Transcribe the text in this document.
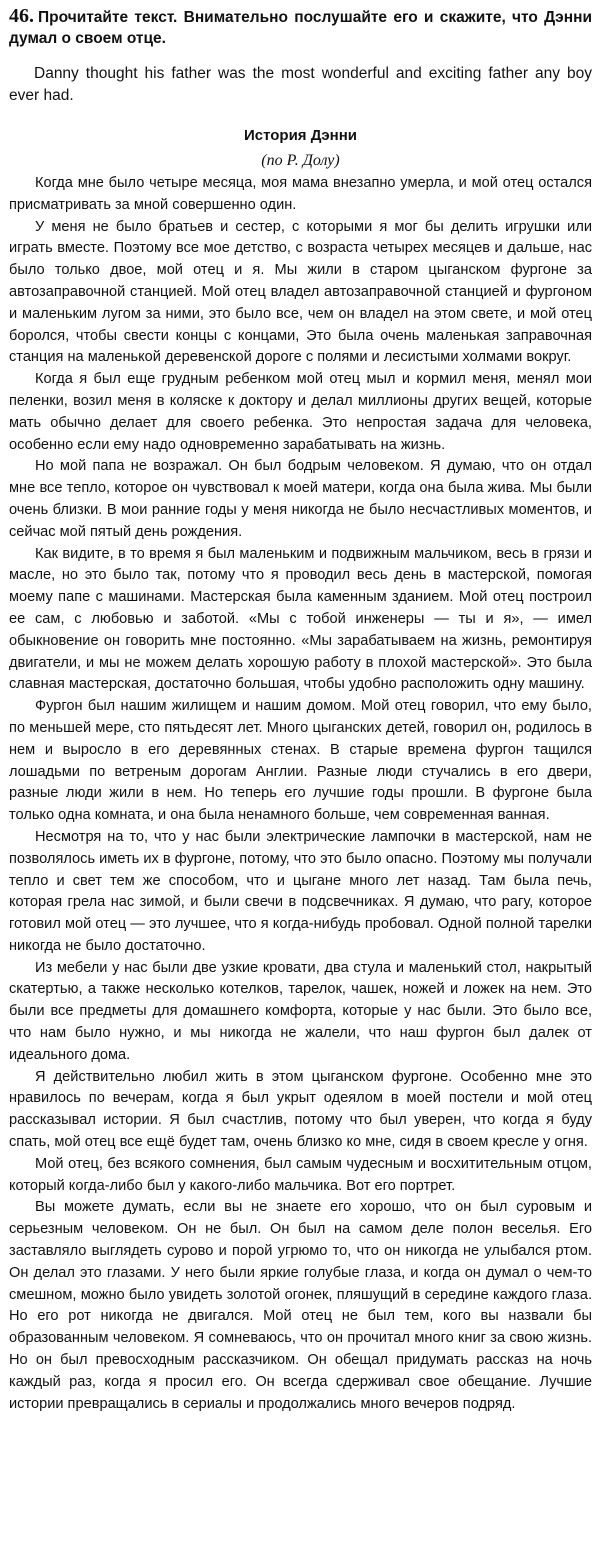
46. Прочитайте текст. Внимательно послушайте его и скажите, что Дэнни думал о своем отце.

Danny thought his father was the most wonderful and exciting father any boy ever had.

История Дэнни
(по Р. Долу)

Когда мне было четыре месяца, моя мама внезапно умерла, и мой отец остался присматривать за мной совершенно один.

У меня не было братьев и сестер, с которыми я мог бы делить игрушки или играть вместе. Поэтому все мое детство, с возраста четырех месяцев и дальше, нас было только двое, мой отец и я. Мы жили в старом цыганском фургоне за автозаправочной станцией. Мой отец владел автозаправочной станцией и фургоном и маленьким лугом за ними, это было все, чем он владел на этом свете, и мой отец боролся, чтобы свести концы с концами, Это была очень маленькая заправочная станция на маленькой деревенской дороге с полями и лесистыми холмами вокруг.

Когда я был еще грудным ребенком мой отец мыл и кормил меня, менял мои пеленки, возил меня в коляске к доктору и делал миллионы других вещей, которые мать обычно делает для своего ребенка. Это непростая задача для человека, особенно если ему надо одновременно зарабатывать на жизнь.

Но мой папа не возражал. Он был бодрым человеком. Я думаю, что он отдал мне все тепло, которое он чувствовал к моей матери, когда она была жива. Мы были очень близки. В мои ранние годы у меня никогда не было несчастливых моментов, и сейчас мой пятый день рождения.

Как видите, в то время я был маленьким и подвижным мальчиком, весь в грязи и масле, но это было так, потому что я проводил весь день в мастерской, помогая моему папе с машинами. Мастерская была каменным зданием. Мой отец построил ее сам, с любовью и заботой. «Мы с тобой инженеры — ты и я», — имел обыкновение он говорить мне постоянно. «Мы зарабатываем на жизнь, ремонтируя двигатели, и мы не можем делать хорошую работу в плохой мастерской». Это была славная мастерская, достаточно большая, чтобы удобно расположить одну машину.

Фургон был нашим жилищем и нашим домом. Мой отец говорил, что ему было, по меньшей мере, сто пятьдесят лет. Много цыганских детей, говорил он, родилось в нем и выросло в его деревянных стенах. В старые времена фургон тащился лошадьми по ветреным дорогам Англии. Разные люди стучались в его двери, разные люди жили в нем. Но теперь его лучшие годы прошли. В фургоне была только одна комната, и она была ненамного больше, чем современная ванная.

Несмотря на то, что у нас были электрические лампочки в мастерской, нам не позволялось иметь их в фургоне, потому, что это было опасно. Поэтому мы получали тепло и свет тем же способом, что и цыгане много лет назад. Там была печь, которая грела нас зимой, и были свечи в подсвечниках. Я думаю, что рагу, которое готовил мой отец — это лучшее, что я когда-нибудь пробовал. Одной полной тарелки никогда не было достаточно.

Из мебели у нас были две узкие кровати, два стула и маленький стол, накрытый скатертью, а также несколько котелков, тарелок, чашек, ножей и ложек на нем. Это были все предметы для домашнего комфорта, которые у нас были. Это было все, что нам было нужно, и мы никогда не жалели, что наш фургон был далек от идеального дома.

Я действительно любил жить в этом цыганском фургоне. Особенно мне это нравилось по вечерам, когда я был укрыт одеялом в моей постели и мой отец рассказывал истории. Я был счастлив, потому что был уверен, что когда я буду спать, мой отец все ещё будет там, очень близко ко мне, сидя в своем кресле у огня.

Мой отец, без всякого сомнения, был самым чудесным и восхитительным отцом, который когда-либо был у какого-либо мальчика. Вот его портрет.

Вы можете думать, если вы не знаете его хорошо, что он был суровым и серьезным человеком. Он не был. Он был на самом деле полон веселья. Его заставляло выглядеть сурово и порой угрюмо то, что он никогда не улыбался ртом. Он делал это глазами. У него были яркие голубые глаза, и когда он думал о чем-то смешном, можно было увидеть золотой огонек, пляшущий в середине каждого глаза. Но его рот никогда не двигался. Мой отец не был тем, кого вы назвали бы образованным человеком. Я сомневаюсь, что он прочитал много книг за свою жизнь. Но он был превосходным рассказчиком. Он обещал придумать рассказ на ночь каждый раз, когда я просил его. Он всегда сдерживал свое обещание. Лучшие истории превращались в сериалы и продолжались много вечеров подряд.
